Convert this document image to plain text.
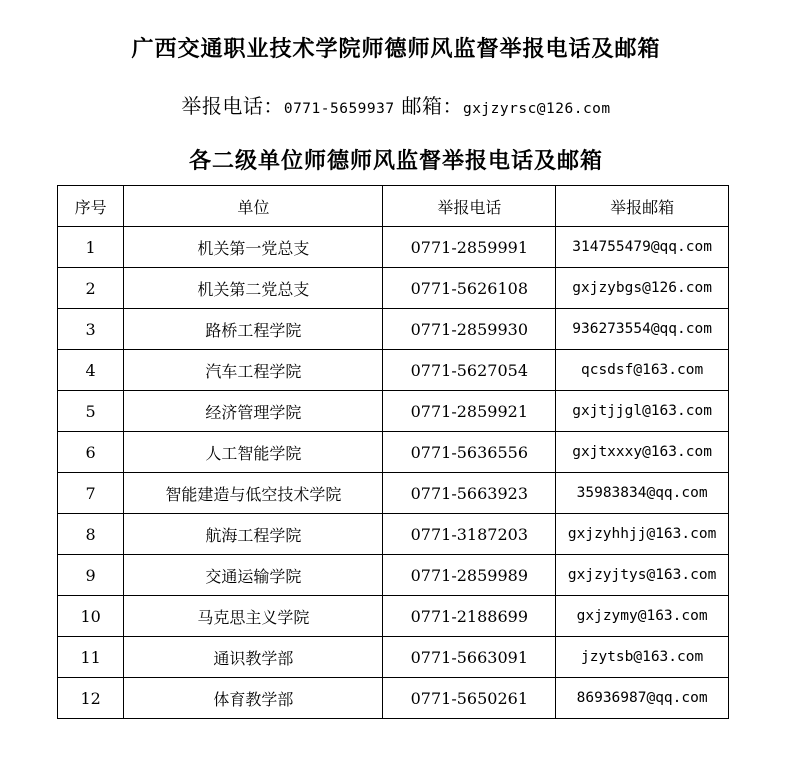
广西交通职业技术学院师德师风监督举报电话及邮箱
举报电话：0771-5659937 邮箱：gxjzyrsc@126.com
各二级单位师德师风监督举报电话及邮箱
序号	单位	举报电话	举报邮箱
1	机关第一党总支	0771-2859991	314755479@qq.com
2	机关第二党总支	0771-5626108	gxjzybgs@126.com
3	路桥工程学院	0771-2859930	936273554@qq.com
4	汽车工程学院	0771-5627054	qcsdsf@163.com
5	经济管理学院	0771-2859921	gxjtjjgl@163.com
6	人工智能学院	0771-5636556	gxjtxxxy@163.com
7	智能建造与低空技术学院	0771-5663923	35983834@qq.com
8	航海工程学院	0771-3187203	gxjzyhhjj@163.com
9	交通运输学院	0771-2859989	gxjzyjtys@163.com
10	马克思主义学院	0771-2188699	gxjzymy@163.com
11	通识教学部	0771-5663091	jzytsb@163.com
12	体育教学部	0771-5650261	86936987@qq.com
